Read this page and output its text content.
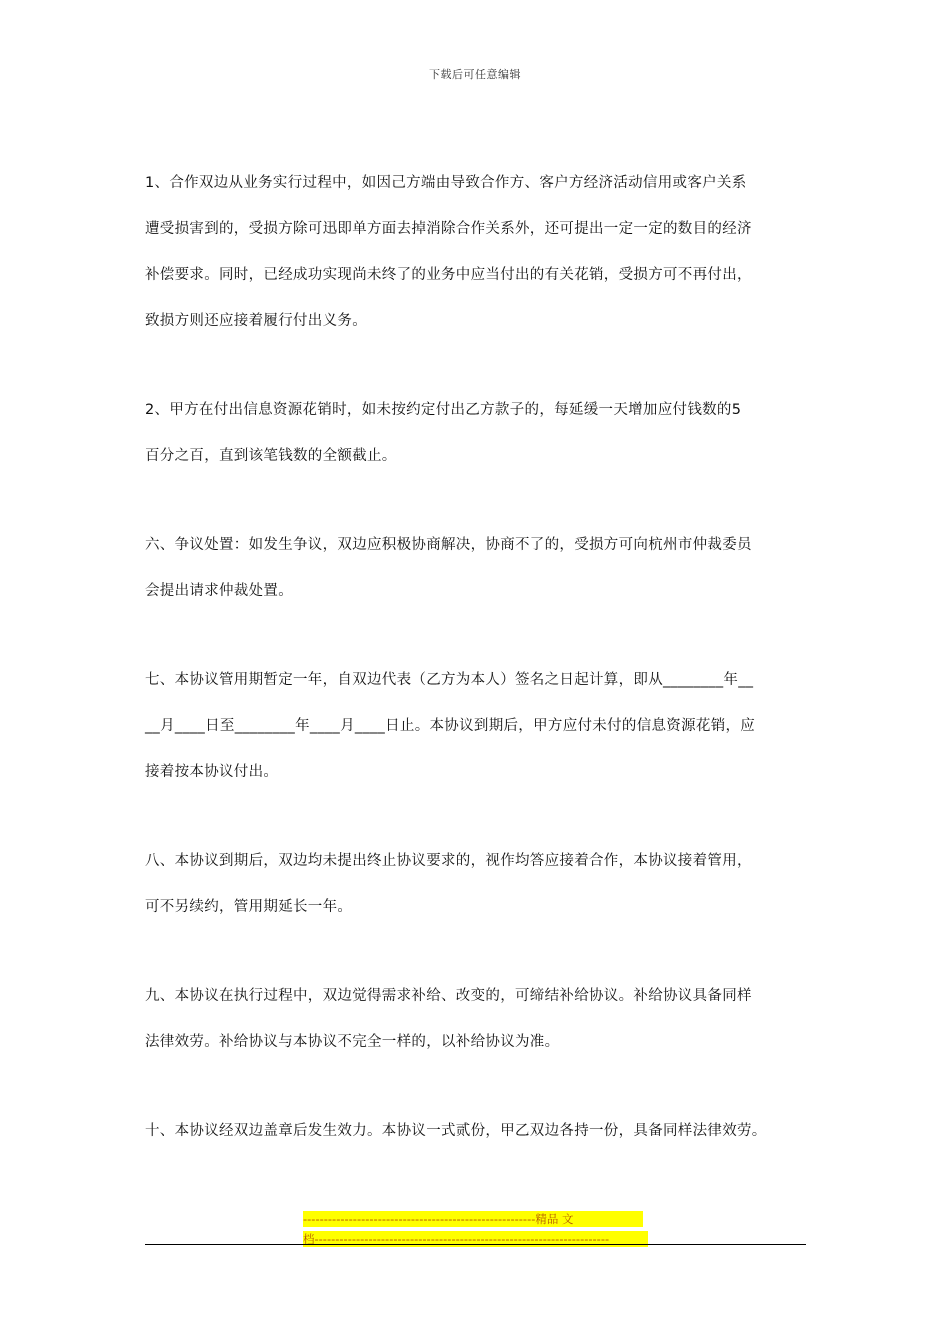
下载后可任意编辑

1、合作双边从业务实行过程中，如因己方端由导致合作方、客户方经济活动信用或客户关系
遭受损害到的，受损方除可迅即单方面去掉消除合作关系外，还可提出一定一定的数目的经济
补偿要求。同时，已经成功实现尚未终了的业务中应当付出的有关花销，受损方可不再付出，
致损方则还应接着履行付出义务。

2、甲方在付出信息资源花销时，如未按约定付出乙方款子的，每延缓一天增加应付钱数的5
百分之百，直到该笔钱数的全额截止。

六、争议处置：如发生争议，双边应积极协商解决，协商不了的，受损方可向杭州市仲裁委员
会提出请求仲裁处置。

七、本协议管用期暂定一年，自双边代表（乙方为本人）签名之日起计算，即从________年__
__月____日至________年____月____日止。本协议到期后，甲方应付未付的信息资源花销，应
接着按本协议付出。

八、本协议到期后，双边均未提出终止协议要求的，视作均答应接着合作，本协议接着管用，
可不另续约，管用期延长一年。

九、本协议在执行过程中，双边觉得需求补给、改变的，可缔结补给协议。补给协议具备同样
法律效劳。补给协议与本协议不完全一样的，以补给协议为准。

十、本协议经双边盖章后发生效力。本协议一式贰份，甲乙双边各持一份，具备同样法律效劳。

--------------------------------------------------------精品 文
档-----------------------------------------------------------------------
